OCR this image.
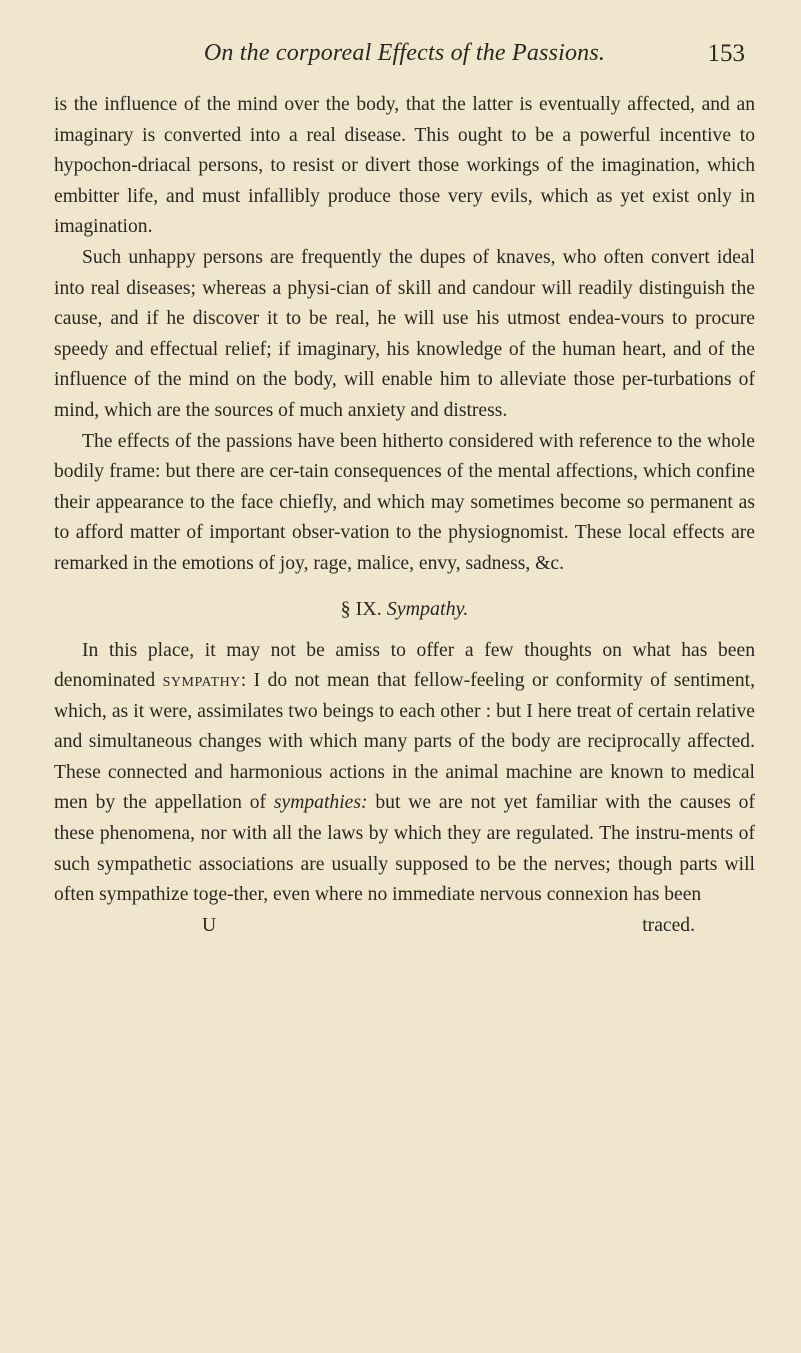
On the corporeal Effects of the Passions.	153

is the influence of the mind over the body, that the latter is eventually affected, and an imaginary is converted into a real disease. This ought to be a powerful incentive to hypochon-driacal persons, to resist or divert those workings of the imagination, which embitter life, and must infallibly produce those very evils, which as yet exist only in imagination.

Such unhappy persons are frequently the dupes of knaves, who often convert ideal into real diseases; whereas a physi-cian of skill and candour will readily distinguish the cause, and if he discover it to be real, he will use his utmost endea-vours to procure speedy and effectual relief; if imaginary, his knowledge of the human heart, and of the influence of the mind on the body, will enable him to alleviate those per-turbations of mind, which are the sources of much anxiety and distress.

The effects of the passions have been hitherto considered with reference to the whole bodily frame: but there are cer-tain consequences of the mental affections, which confine their appearance to the face chiefly, and which may sometimes become so permanent as to afford matter of important obser-vation to the physiognomist. These local effects are remarked in the emotions of joy, rage, malice, envy, sadness, &c.

§ IX. Sympathy.

In this place, it may not be amiss to offer a few thoughts on what has been denominated sympathy: I do not mean that fellow-feeling or conformity of sentiment, which, as it were, assimilates two beings to each other : but I here treat of certain relative and simultaneous changes with which many parts of the body are reciprocally affected. These connected and harmonious actions in the animal machine are known to medical men by the appellation of sympathies: but we are not yet familiar with the causes of these phenomena, nor with all the laws by which they are regulated. The instru-ments of such sympathetic associations are usually supposed to be the nerves; though parts will often sympathize toge-ther, even where no immediate nervous connexion has been

U	traced.
